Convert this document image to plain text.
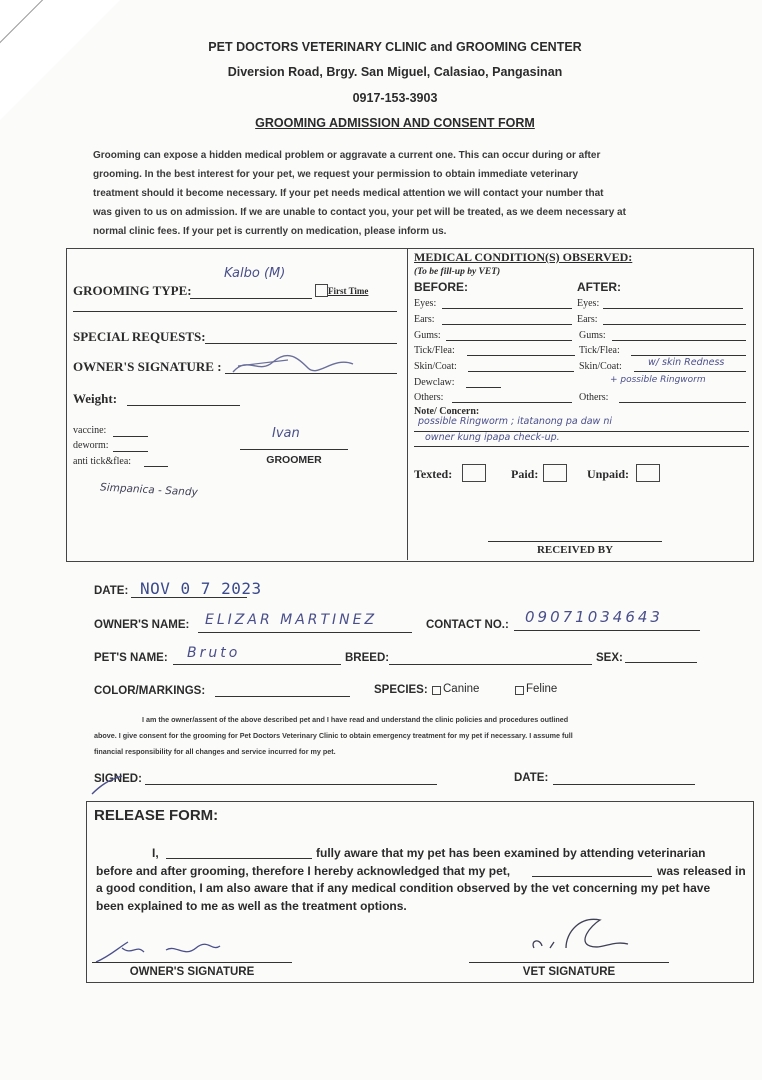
PET DOCTORS VETERINARY CLINIC and GROOMING CENTER
Diversion Road, Brgy. San Miguel, Calasiao, Pangasinan
0917-153-3903
GROOMING ADMISSION AND CONSENT FORM
Grooming can expose a hidden medical problem or aggravate a current one. This can occur during or after
grooming. In the best interest for your pet, we request your permission to obtain immediate veterinary
treatment should it become necessary. If your pet needs medical attention we will contact your number that
was given to us on admission. If we are unable to contact you, your pet will be treated, as we deem necessary at
normal clinic fees. If your pet is currently on medication, please inform us.
GROOMING TYPE:
Kalbo (M)
First Time
SPECIAL REQUESTS:
OWNER'S SIGNATURE :
Weight:
vaccine:
deworm:
anti tick&flea:
Ivan
GROOMER
Simpanica - Sandy
MEDICAL CONDITION(S) OBSERVED:
(To be fill-up by VET)
BEFORE:	AFTER:
Eyes:	Eyes:
Ears:	Ears:
Gums:	Gums:
Tick/Flea:	Tick/Flea:
Skin/Coat:	Skin/Coat:	w/ skin Redness
+ possible Ringworm
Dewclaw:
Others:	Others:
Note/ Concern:
possible Ringworm ; itatanong pa daw ni
owner kung ipapa check-up.
Texted:	Paid:	Unpaid:
RECEIVED BY
DATE: NOV 0 7 2023
OWNER'S NAME: ELIZAR MARTINEZ	CONTACT NO.: 09071034643
PET'S NAME: Bruto	BREED:	SEX:
COLOR/MARKINGS:	SPECIES: Canine	Feline
I am the owner/assent of the above described pet and I have read and understand the clinic policies and procedures outlined
above. I give consent for the grooming for Pet Doctors Veterinary Clinic to obtain emergency treatment for my pet if necessary. I assume full
financial responsibility for all changes and service incurred for my pet.
SIGNED:	DATE:
RELEASE FORM:
I,	fully aware that my pet has been examined by attending veterinarian
before and after grooming, therefore I hereby acknowledged that my pet,	was released in
a good condition, I am also aware that if any medical condition observed by the vet concerning my pet have
been explained to me as well as the treatment options.
OWNER'S SIGNATURE	VET SIGNATURE
